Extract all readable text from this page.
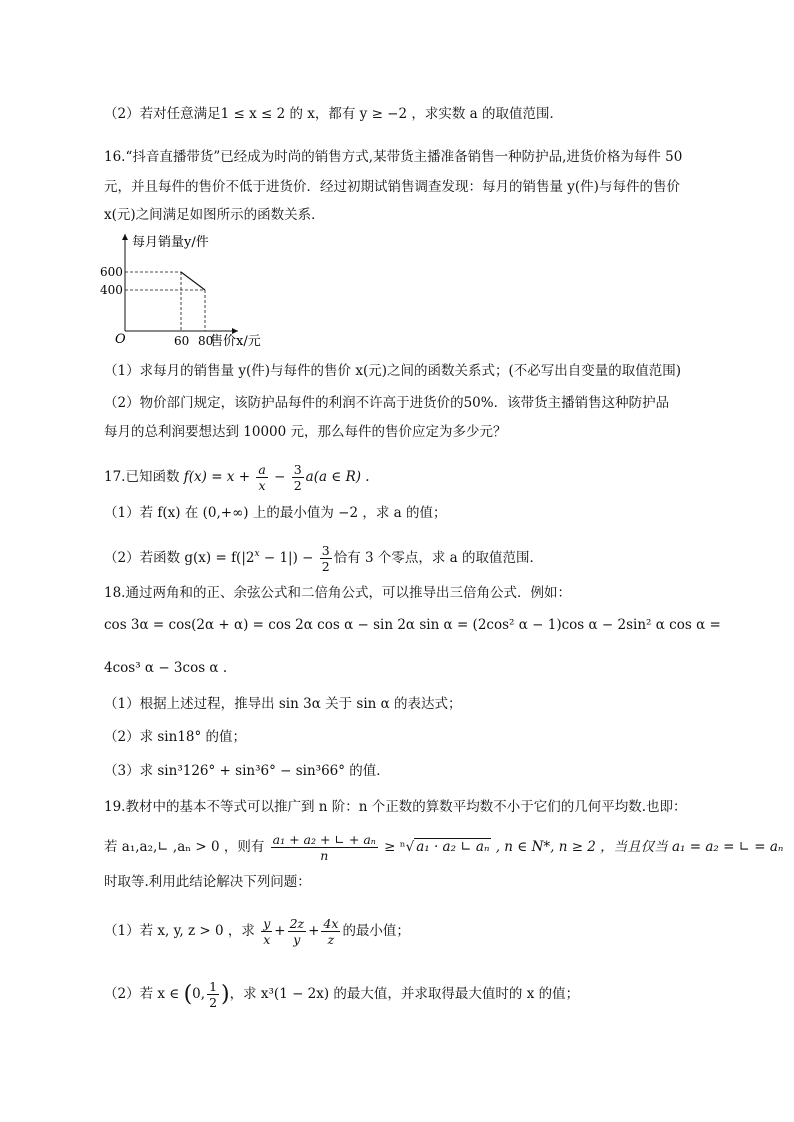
（2）若对任意满足1 ≤ x ≤ 2 的 x，都有 y ≥ −2 ，求实数 a 的取值范围．
16.“抖音直播带货”已经成为时尚的销售方式,某带货主播准备销售一种防护品,进货价格为每件 50
元，并且每件的售价不低于进货价．经过初期试销售调查发现：每月的销售量 y(件)与每件的售价
x(元)之间满足如图所示的函数关系．
每月销量y/件
售价x/元
O
600
400
60 80
（1）求每月的销售量 y(件)与每件的售价 x(元)之间的函数关系式；(不必写出自变量的取值范围)
（2）物价部门规定，该防护品每件的利润不许高于进货价的50%．该带货主播销售这种防护品
每月的总利润要想达到 10000 元，那么每件的售价应定为多少元？
17.已知函数 $f(x) = x + \frac{a}{x} - \frac{3}{2} a(a$ ∈ R) .
（1）若 f(x) 在 (0,+∞) 上的最小值为 −2 ，求 a 的值；
（2）若函数 $g(x) = f(|2^x - 1|) - \frac{3}{2}$ 恰有 3 个零点，求 a 的取值范围．
18.通过两角和的正、余弦公式和二倍角公式，可以推导出三倍角公式．例如：
cos 3α = cos(2α + α) = cos 2α cos α − sin 2α sin α = (2cos² α − 1)cos α − 2sin² α cos α =
4cos³ α − 3cos α .
（1）根据上述过程，推导出 sin 3α 关于 sin α 的表达式；
（2）求 sin18° 的值；
（3）求 sin³126° + sin³6° − sin³66° 的值．
19.教材中的基本不等式可以推广到 n 阶：n 个正数的算数平均数不小于它们的几何平均数.也即：
若 a₁,a₂,∟ ,aₙ > 0 ，则有 $\frac{\text{a₁ + a₂ + ∟ + aₙ}}{n} \ge ^n√$ a₁ · a₂ ∟ aₙ , n ∈ N*, n ≥ 2 ，当且仅当 a₁ = a₂ = ∟ = aₙ
时取等.利用此结论解决下列问题：
（1）若 x, y, z > 0 ，求 $\frac{y}{x} + \frac{2z}{y} + \frac{4x}{z}$ 的最小值；
（2）若 x ∈ (0, $\frac{1}{2}$ )，求 x³(1 − 2x) 的最大值，并求取得最大值时的 x 的值；
